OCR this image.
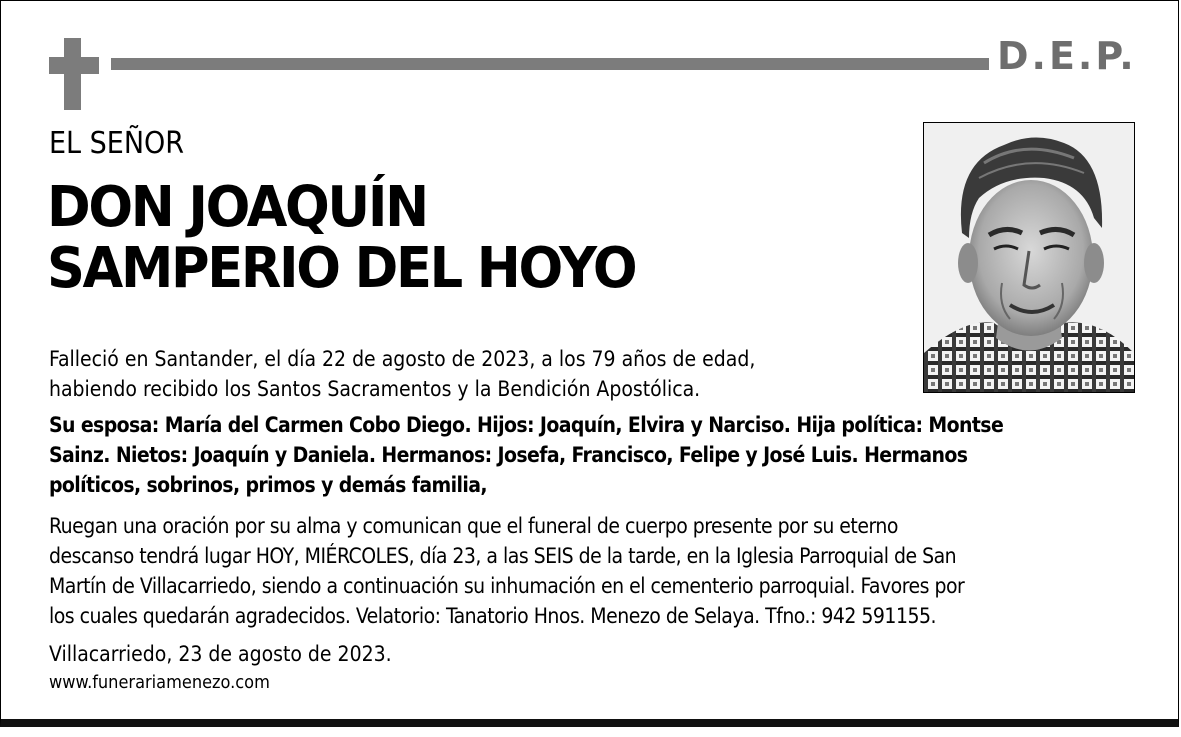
D.E.P.
EL SEÑOR
DON JOAQUÍN
SAMPERIO DEL HOYO
Falleció en Santander, el día 22 de agosto de 2023, a los 79 años de edad,
habiendo recibido los Santos Sacramentos y la Bendición Apostólica.
Su esposa: María del Carmen Cobo Diego. Hijos: Joaquín, Elvira y Narciso. Hija política: Montse
Sainz. Nietos: Joaquín y Daniela. Hermanos: Josefa, Francisco, Felipe y José Luis. Hermanos
políticos, sobrinos, primos y demás familia,
Ruegan una oración por su alma y comunican que el funeral de cuerpo presente por su eterno
descanso tendrá lugar HOY, MIÉRCOLES, día 23, a las SEIS de la tarde, en la Iglesia Parroquial de San
Martín de Villacarriedo, siendo a continuación su inhumación en el cementerio parroquial. Favores por
los cuales quedarán agradecidos. Velatorio: Tanatorio Hnos. Menezo de Selaya. Tfno.: 942 591155.
Villacarriedo, 23 de agosto de 2023.
www.funerariamenezo.com
